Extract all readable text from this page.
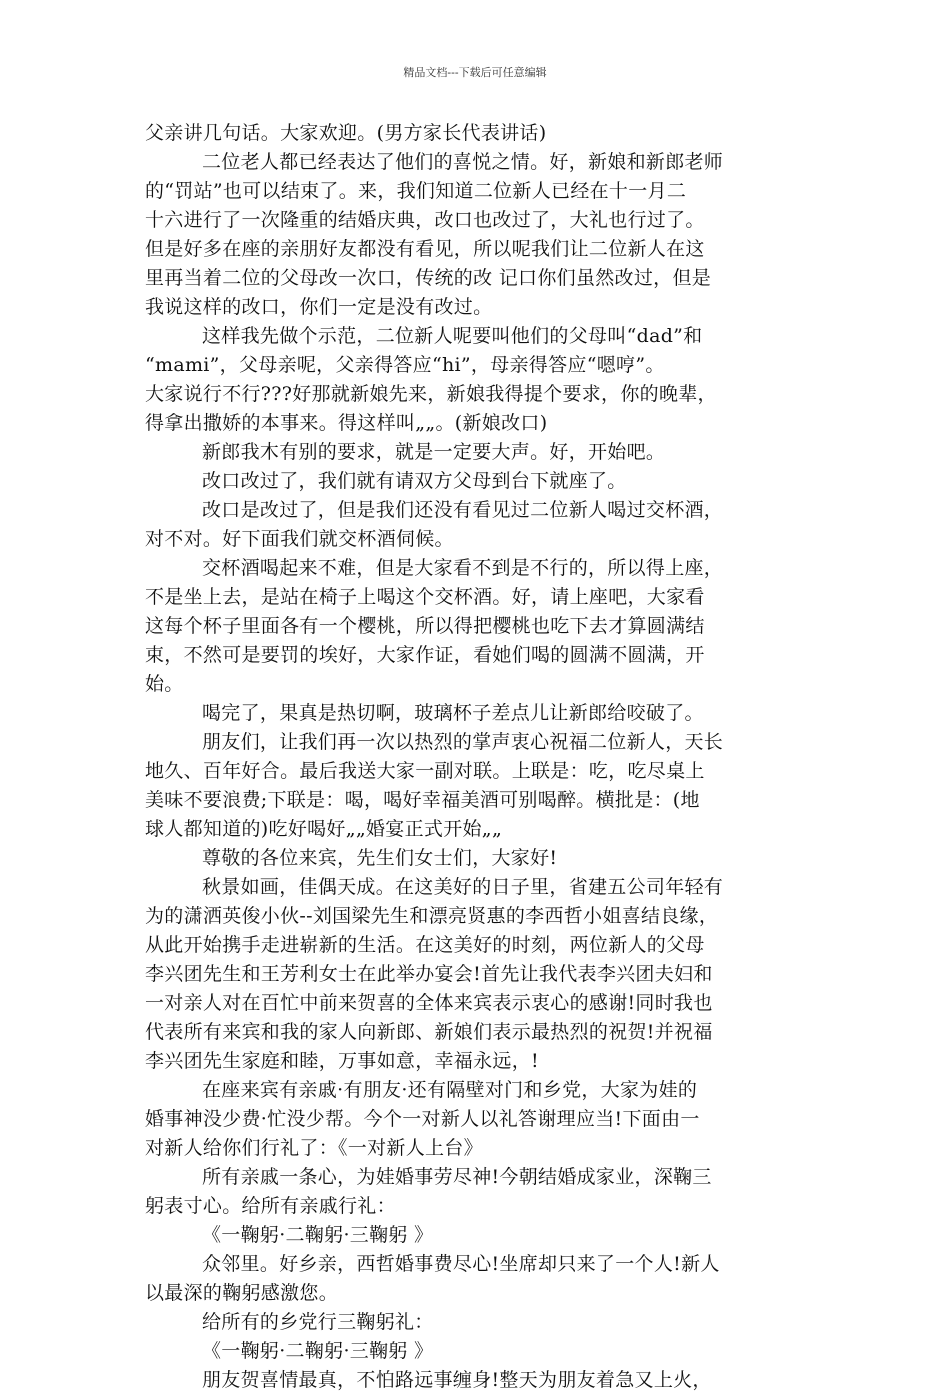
精品文档---下载后可任意编辑

父亲讲几句话。大家欢迎。(男方家长代表讲话)

二位老人都已经表达了他们的喜悦之情。好，新娘和新郎老师

的“罚站”也可以结束了。来，我们知道二位新人已经在十一月二

十六进行了一次隆重的结婚庆典，改口也改过了，大礼也行过了。

但是好多在座的亲朋好友都没有看见，所以呢我们让二位新人在这

里再当着二位的父母改一次口，传统的改 记口你们虽然改过，但是

我说这样的改口，你们一定是没有改过。

这样我先做个示范，二位新人呢要叫他们的父母叫“dad”和

“mami”，父母亲呢，父亲得答应“hi”，母亲得答应“嗯哼”。

大家说行不行???好那就新娘先来，新娘我得提个要求，你的晚辈，

得拿出撒娇的本事来。得这样叫„„。(新娘改口)

新郎我木有别的要求，就是一定要大声。好，开始吧。

改口改过了，我们就有请双方父母到台下就座了。

改口是改过了，但是我们还没有看见过二位新人喝过交杯酒，

对不对。好下面我们就交杯酒伺候。

交杯酒喝起来不难，但是大家看不到是不行的，所以得上座，

不是坐上去，是站在椅子上喝这个交杯酒。好，请上座吧，大家看

这每个杯子里面各有一个樱桃，所以得把樱桃也吃下去才算圆满结

束，不然可是要罚的埃好，大家作证，看她们喝的圆满不圆满，开

始。

喝完了，果真是热切啊，玻璃杯子差点儿让新郎给咬破了。

朋友们，让我们再一次以热烈的掌声衷心祝福二位新人，天长

地久、百年好合。最后我送大家一副对联。上联是：吃，吃尽桌上

美味不要浪费;下联是：喝，喝好幸福美酒可别喝醉。横批是：(地

球人都知道的)吃好喝好„„婚宴正式开始„„

尊敬的各位来宾，先生们女士们，大家好!

秋景如画，佳偶天成。在这美好的日子里，省建五公司年轻有

为的潇洒英俊小伙--刘国梁先生和漂亮贤惠的李西哲小姐喜结良缘，

从此开始携手走进崭新的生活。在这美好的时刻，两位新人的父母

李兴团先生和王芳利女士在此举办宴会!首先让我代表李兴团夫妇和

一对亲人对在百忙中前来贺喜的全体来宾表示衷心的感谢!同时我也

代表所有来宾和我的家人向新郎、新娘们表示最热烈的祝贺!并祝福

李兴团先生家庭和睦，万事如意，幸福永远，!

在座来宾有亲戚·有朋友·还有隔壁对门和乡党，大家为娃的

婚事神没少费·忙没少帮。今个一对新人以礼答谢理应当!下面由一

对新人给你们行礼了：《一对新人上台》

所有亲戚一条心，为娃婚事劳尽神!今朝结婚成家业，深鞠三

躬表寸心。给所有亲戚行礼：

《一鞠躬·二鞠躬·三鞠躬 》

众邻里。好乡亲，西哲婚事费尽心!坐席却只来了一个人!新人

以最深的鞠躬感激您。

给所有的乡党行三鞠躬礼：

《一鞠躬·二鞠躬·三鞠躬 》

朋友贺喜情最真，不怕路远事缠身!整天为朋友着急又上火，
